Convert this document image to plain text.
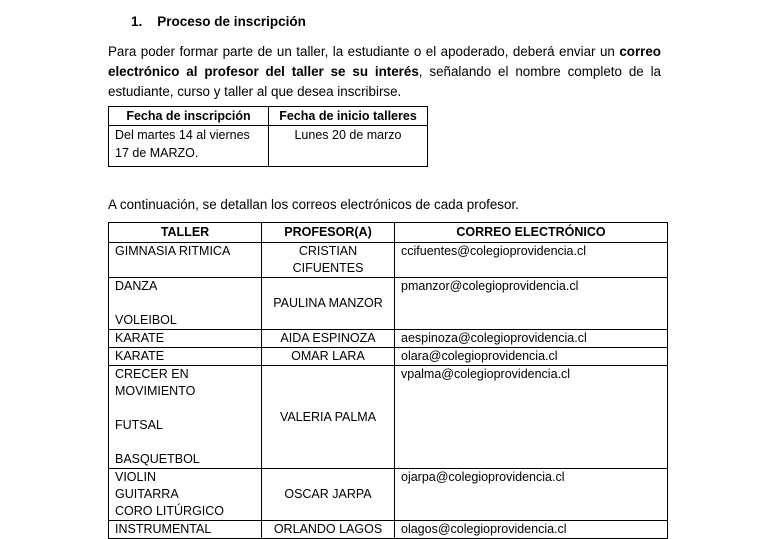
1. Proceso de inscripción

Para poder formar parte de un taller, la estudiante o el apoderado, deberá enviar un correo electrónico al profesor del taller se su interés, señalando el nombre completo de la estudiante, curso y taller al que desea inscribirse.

Fecha de inscripción	Fecha de inicio talleres
Del martes 14 al viernes
17 de MARZO.	Lunes 20 de marzo

A continuación, se detallan los correos electrónicos de cada profesor.

TALLER	PROFESOR(A)	CORREO ELECTRÓNICO

GIMNASIA RITMICA	CRISTIAN CIFUENTES	ccifuentes@colegioprovidencia.cl

DANZA
VOLEIBOL	PAULINA MANZOR	pmanzor@colegioprovidencia.cl

KARATE	AIDA ESPINOZA	aespinoza@colegioprovidencia.cl

KARATE	OMAR LARA	olara@colegioprovidencia.cl

CRECER EN
MOVIMIENTO
FUTSAL
BASQUETBOL	VALERIA PALMA	vpalma@colegioprovidencia.cl

VIOLIN
GUITARRA
CORO LITÚRGICO	OSCAR JARPA	ojarpa@colegioprovidencia.cl

INSTRUMENTAL	ORLANDO LAGOS	olagos@colegioprovidencia.cl
